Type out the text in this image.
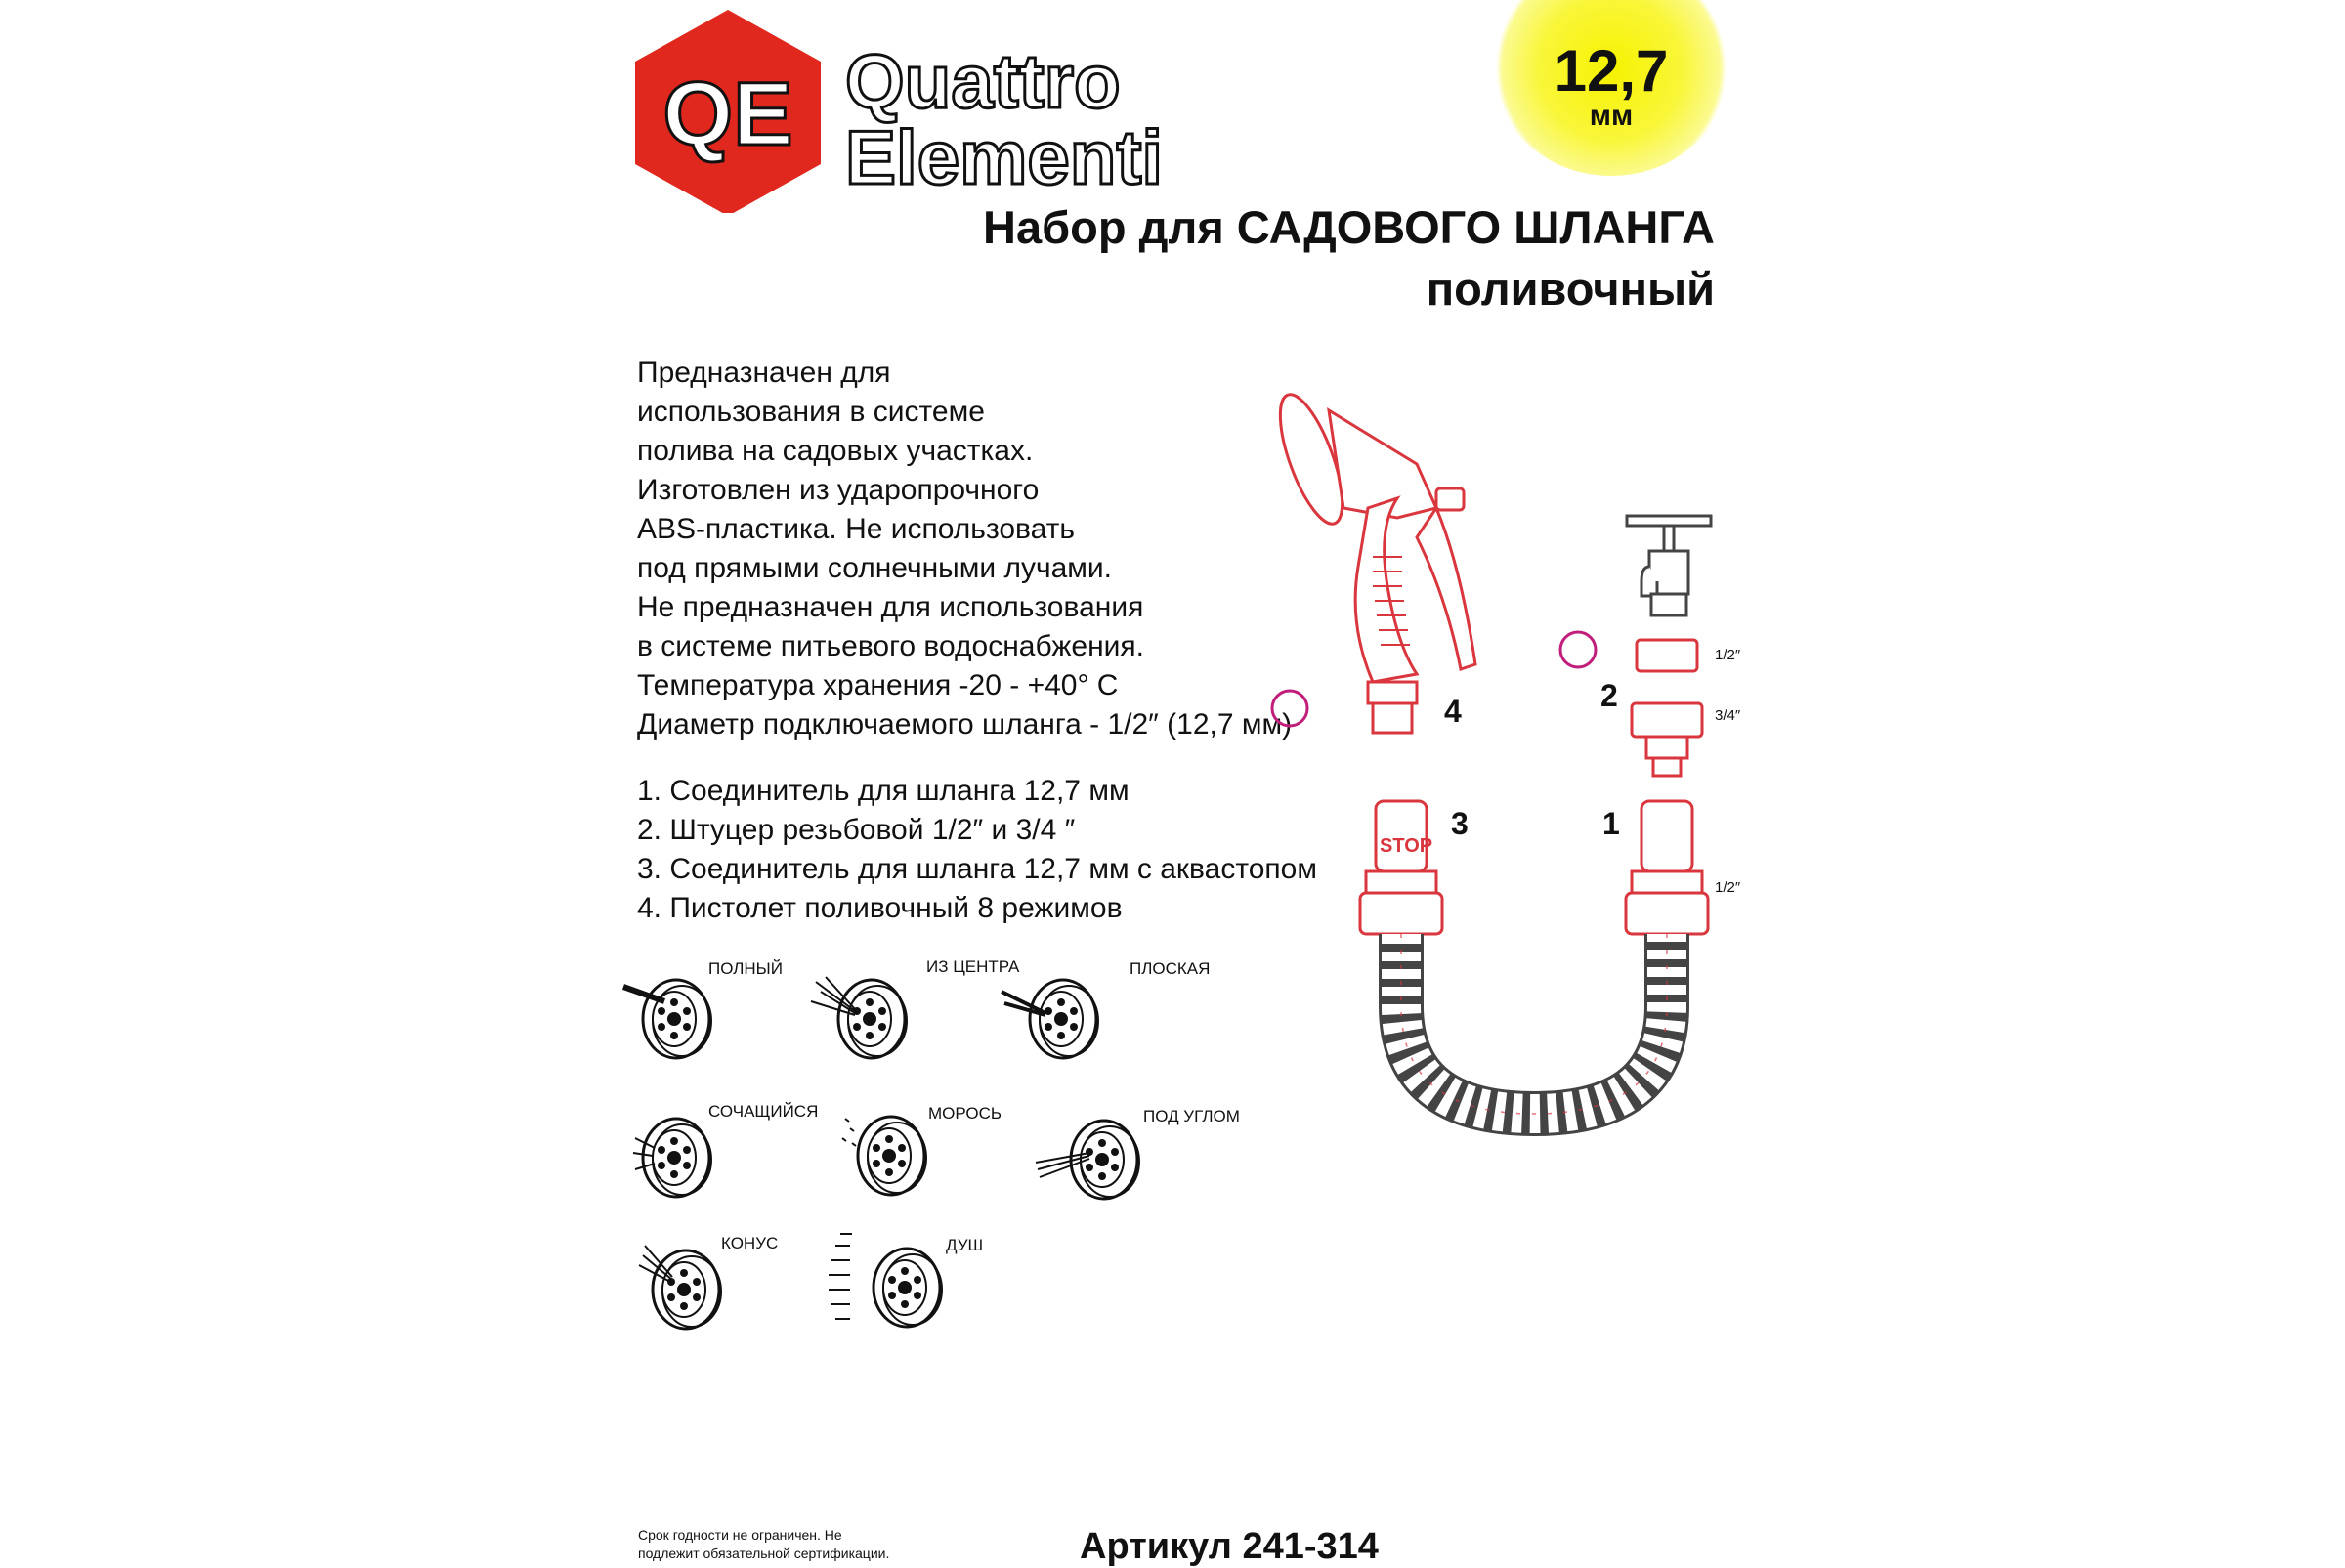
QE Quattro
Elementi
12,7
мм
Набор для САДОВОГО ШЛАНГА
поливочный
Предназначен для
использования в системе
полива на садовых участках.
Изготовлен из ударопрочного
ABS-пластика. Не использовать
под прямыми солнечными лучами.
Не предназначен для использования
в системе питьевого водоснабжения.
Температура хранения -20 - +40° C
Диаметр подключаемого шланга - 1/2″ (12,7 мм)
1. Соединитель для шланга 12,7 мм
2. Штуцер резьбовой 1/2″ и 3/4 ″
3. Соединитель для шланга 12,7 мм с аквастопом
4. Пистолет поливочный 8 режимов
ПОЛНЫЙ	ИЗ ЦЕНТРА	ПЛОСКАЯ
СОЧАЩИЙСЯ	МОРОСЬ	ПОД УГЛОМ
КОНУС	ДУШ
4	2
3	1
STOP
1/2″
3/4″
1/2″
Срок годности не ограничен. Не
подлежит обязательной сертификации.	Артикул 241-314
